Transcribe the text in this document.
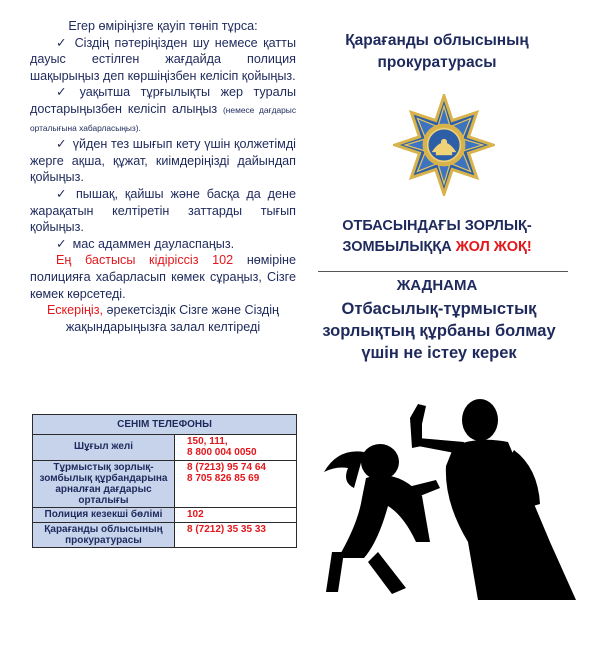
Егер өміріңізге қауіп төніп тұрса:

✓ Сіздің пәтеріңізден шу немесе қатты дауыс естілген жағдайда полиция шақырыңыз деп көршіңізбен келісіп қойыңыз.

✓ уақытша тұрғылықты жер туралы достарыңызбен келісіп алыңыз (немесе дағдарыс орталығына хабарласыңыз).

✓ үйден тез шығып кету үшін қолжетімді жерге ақша, құжат, киімдеріңізді дайындап қойыңыз.

✓ пышақ, қайшы және басқа да дене жарақатын келтіретін заттарды тығып қойыңыз.

✓ мас адаммен дауласпаңыз.

Ең бастысы кідіріссіз 102 нөміріне полицияға хабарласып көмек сұраңыз, Сізге көмек көрсетеді.

Ескеріңіз, әрекетсіздік Сізге және Сіздің жақындарыңызға залал келтіреді

СЕНІМ ТЕЛЕФОНЫ	
Шұғыл желі	150, 111,
8 800 004 0050

Тұрмыстық зорлық-зомбылық құрбандарына арналған дағдарыс орталығы	8 (7213) 95 74 64
8 705 826 85 69

Полиция кезекші бөлімі	102

Қарағанды облысының прокуратурасы	8 (7212) 35 35 33
Қарағанды облысының прокуратурасы
ОТБАСЫНДАҒЫ ЗОРЛЫҚ-ЗОМБЫЛЫҚҚА ЖОЛ ЖОҚ!
ЖАДНАМА
Отбасылық-тұрмыстық зорлықтың құрбаны болмау үшін не істеу керек
